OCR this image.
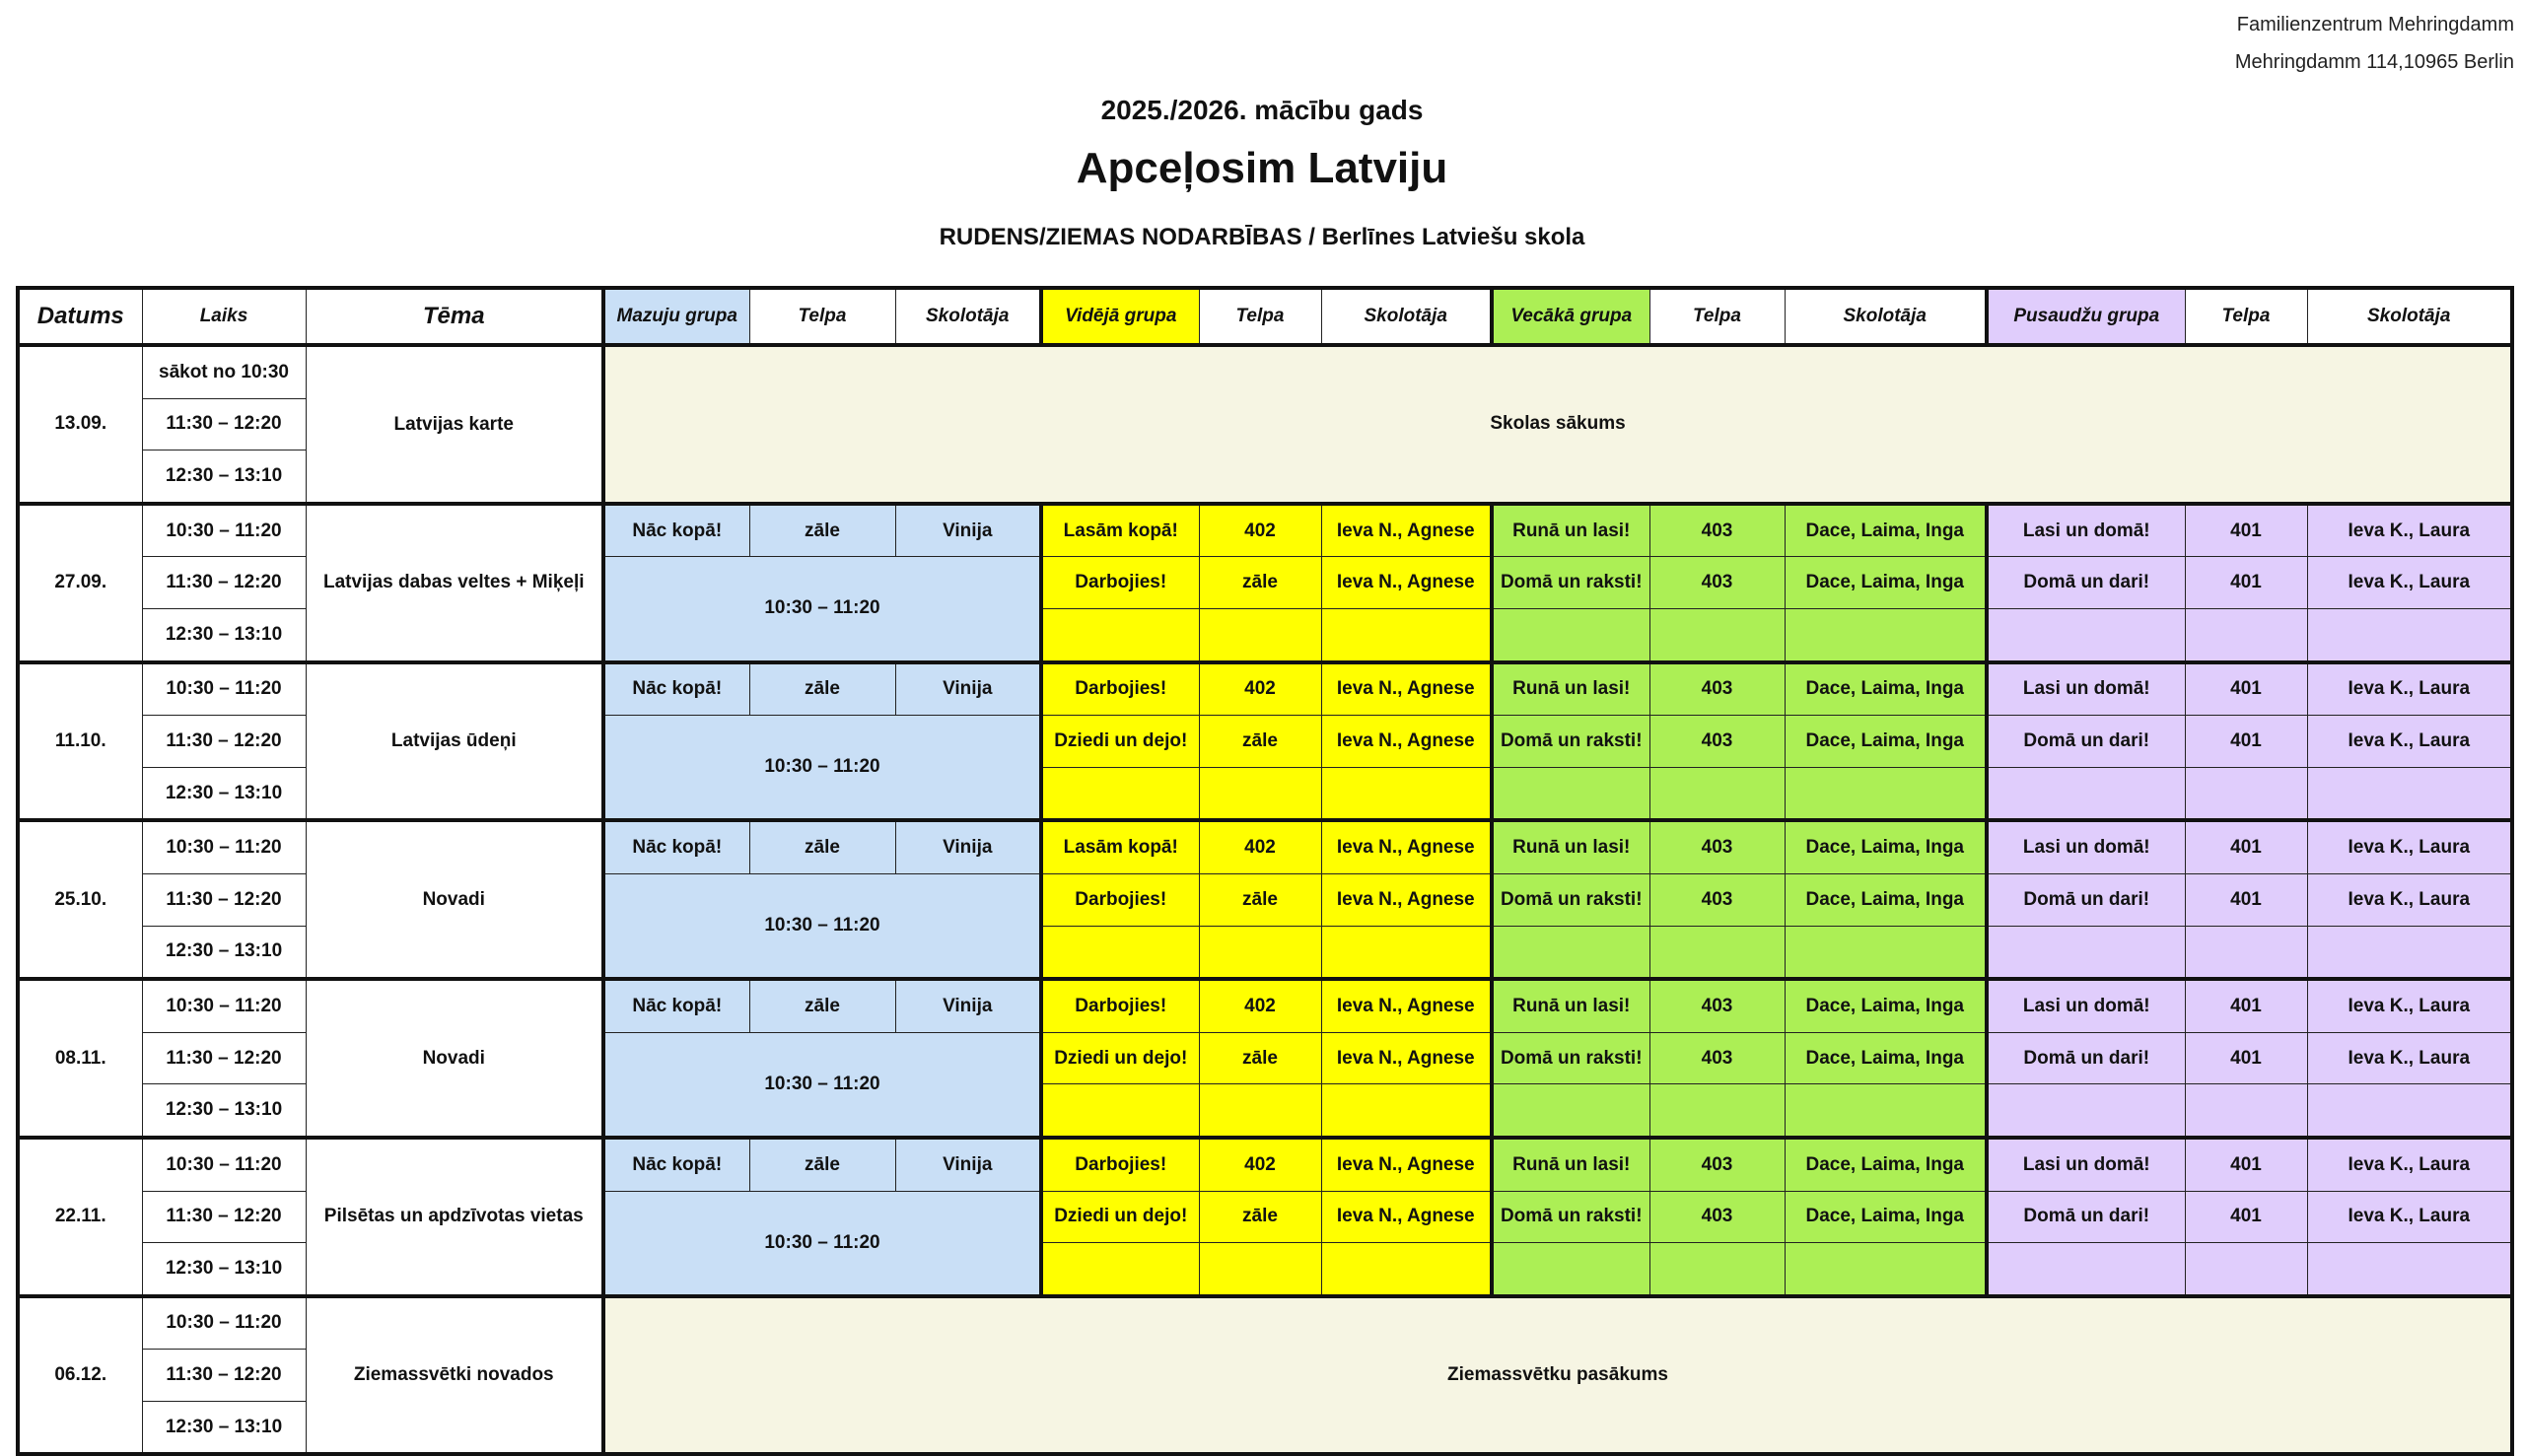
Familienzentrum Mehringdamm
Mehringdamm 114,10965 Berlin
2025./2026. mācību gads
Apceļosim Latviju
RUDENS/ZIEMAS NODARBĪBAS / Berlīnes Latviešu skola
Datums	Laiks	Tēma	Mazuju grupa	Telpa	Skolotāja	Vidējā grupa	Telpa	Skolotāja	Vecākā grupa	Telpa	Skolotāja	Pusaudžu grupa	Telpa	Skolotāja
13.09.	sākot no 10:30	Latvijas karte	Skolas sākums											
	11:30 – 12:20													
	12:30 – 13:10													
27.09.	10:30 – 11:20	Latvijas dabas veltes + Miķeļi	Nāc kopā!	zāle	Vinija	Lasām kopā!	402	Ieva N., Agnese	Runā un lasi!	403	Dace, Laima, Inga	Lasi un domā!	401	Ieva K., Laura
	11:30 – 12:20		10:30 – 11:20			Darbojies!	zāle	Ieva N., Agnese	Domā un raksti!	403	Dace, Laima, Inga	Domā un dari!	401	Ieva K., Laura
	12:30 – 13:10													
11.10.	10:30 – 11:20	Latvijas ūdeņi	Nāc kopā!	zāle	Vinija	Darbojies!	402	Ieva N., Agnese	Runā un lasi!	403	Dace, Laima, Inga	Lasi un domā!	401	Ieva K., Laura
	11:30 – 12:20		10:30 – 11:20			Dziedi un dejo!	zāle	Ieva N., Agnese	Domā un raksti!	403	Dace, Laima, Inga	Domā un dari!	401	Ieva K., Laura
	12:30 – 13:10													
25.10.	10:30 – 11:20	Novadi	Nāc kopā!	zāle	Vinija	Lasām kopā!	402	Ieva N., Agnese	Runā un lasi!	403	Dace, Laima, Inga	Lasi un domā!	401	Ieva K., Laura
	11:30 – 12:20		10:30 – 11:20			Darbojies!	zāle	Ieva N., Agnese	Domā un raksti!	403	Dace, Laima, Inga	Domā un dari!	401	Ieva K., Laura
	12:30 – 13:10													
08.11.	10:30 – 11:20	Novadi	Nāc kopā!	zāle	Vinija	Darbojies!	402	Ieva N., Agnese	Runā un lasi!	403	Dace, Laima, Inga	Lasi un domā!	401	Ieva K., Laura
	11:30 – 12:20		10:30 – 11:20			Dziedi un dejo!	zāle	Ieva N., Agnese	Domā un raksti!	403	Dace, Laima, Inga	Domā un dari!	401	Ieva K., Laura
	12:30 – 13:10													
22.11.	10:30 – 11:20	Pilsētas un apdzīvotas vietas	Nāc kopā!	zāle	Vinija	Darbojies!	402	Ieva N., Agnese	Runā un lasi!	403	Dace, Laima, Inga	Lasi un domā!	401	Ieva K., Laura
	11:30 – 12:20		10:30 – 11:20			Dziedi un dejo!	zāle	Ieva N., Agnese	Domā un raksti!	403	Dace, Laima, Inga	Domā un dari!	401	Ieva K., Laura
	12:30 – 13:10													
06.12.	10:30 – 11:20	Ziemassvētki novados	Ziemassvētku pasākums											
	11:30 – 12:20													
	12:30 – 13:10													
